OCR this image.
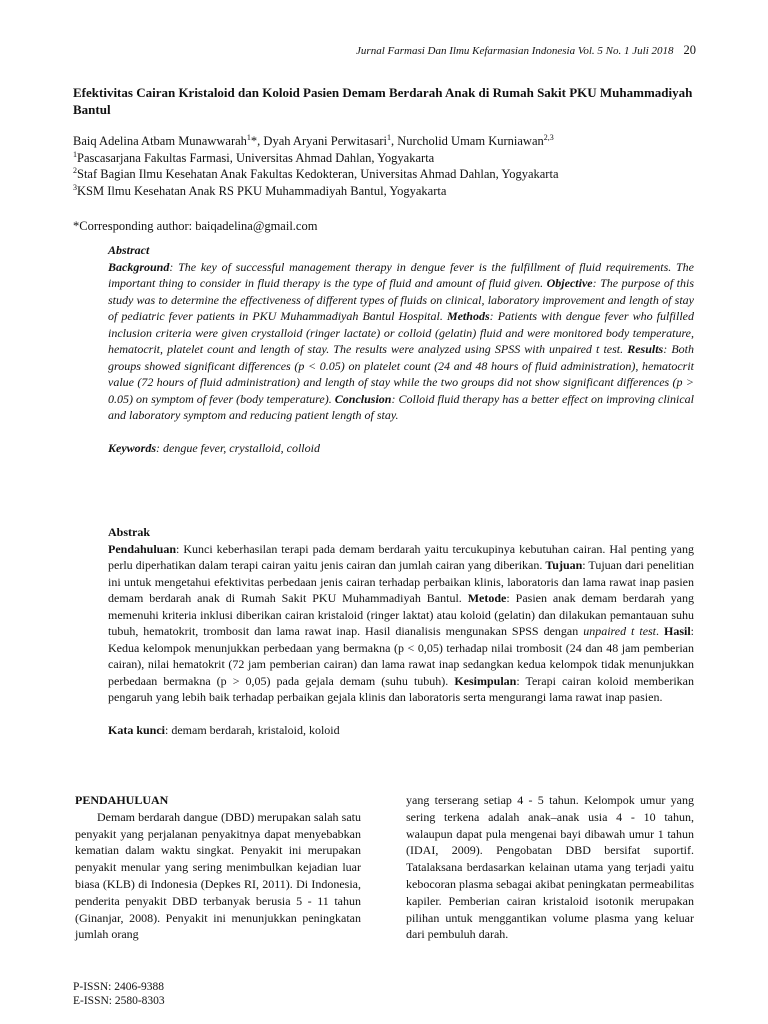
Jurnal Farmasi Dan Ilmu Kefarmasian Indonesia Vol. 5 No. 1 Juli 2018 20
Efektivitas Cairan Kristaloid dan Koloid Pasien Demam Berdarah Anak di Rumah Sakit PKU Muhammadiyah Bantul

Baiq Adelina Atbam Munawwarah$^1$*, Dyah Aryani Perwitasari$^1$, Nurcholid Umam Kurniawan$^{2,3}$

$^1$Pascasarjana Fakultas Farmasi, Universitas Ahmad Dahlan, Yogyakarta

$^2$Staf Bagian Ilmu Kesehatan Anak Fakultas Kedokteran, Universitas Ahmad Dahlan, Yogyakarta

$^3$KSM Ilmu Kesehatan Anak RS PKU Muhammadiyah Bantul, Yogyakarta

*Corresponding author: baiqadelina@gmail.com

Abstract

Background: The key of successful management therapy in dengue fever is the fulfillment of fluid requirements. The important thing to consider in fluid therapy is the type of fluid and amount of fluid given. Objective: The purpose of this study was to determine the effectiveness of different types of fluids on clinical, laboratory improvement and length of stay of pediatric fever patients in PKU Muhammadiyah Bantul Hospital. Methods: Patients with dengue fever who fulfilled inclusion criteria were given crystalloid (ringer lactate) or colloid (gelatin) fluid and were monitored body temperature, hematocrit, platelet count and length of stay. The results were analyzed using SPSS with unpaired t test. Results: Both groups showed significant differences (p < 0.05) on platelet count (24 and 48 hours of fluid administration), hematocrit value (72 hours of fluid administration) and length of stay while the two groups did not show significant differences (p > 0.05) on symptom of fever (body temperature). Conclusion: Colloid fluid therapy has a better effect on improving clinical and laboratory symptom and reducing patient length of stay.

Keywords: dengue fever, crystalloid, colloid

Abstrak

Pendahuluan: Kunci keberhasilan terapi pada demam berdarah yaitu tercukupinya kebutuhan cairan. Hal penting yang perlu diperhatikan dalam terapi cairan yaitu jenis cairan dan jumlah cairan yang diberikan. Tujuan: Tujuan dari penelitian ini untuk mengetahui efektivitas perbedaan jenis cairan terhadap perbaikan klinis, laboratoris dan lama rawat inap pasien demam berdarah anak di Rumah Sakit PKU Muhammadiyah Bantul. Metode: Pasien anak demam berdarah yang memenuhi kriteria inklusi diberikan cairan kristaloid (ringer laktat) atau koloid (gelatin) dan dilakukan pemantauan suhu tubuh, hematokrit, trombosit dan lama rawat inap. Hasil dianalisis mengunakan SPSS dengan unpaired t test. Hasil: Kedua kelompok menunjukkan perbedaan yang bermakna (p < 0,05) terhadap nilai trombosit (24 dan 48 jam pemberian cairan), nilai hematokrit (72 jam pemberian cairan) dan lama rawat inap sedangkan kedua kelompok tidak menunjukkan perbedaan bermakna (p > 0,05) pada gejala demam (suhu tubuh). Kesimpulan: Terapi cairan koloid memberikan pengaruh yang lebih baik terhadap perbaikan gejala klinis dan laboratoris serta mengurangi lama rawat inap pasien.

Kata kunci: demam berdarah, kristaloid, koloid

PENDAHULUAN

Demam berdarah dangue (DBD) merupakan salah satu penyakit yang perjalanan penyakitnya dapat menyebabkan kematian dalam waktu singkat. Penyakit ini merupakan penyakit menular yang sering menimbulkan kejadian luar biasa (KLB) di Indonesia (Depkes RI, 2011). Di Indonesia, penderita penyakit DBD terbanyak berusia 5 - 11 tahun (Ginanjar, 2008). Penyakit ini menunjukkan peningkatan jumlah orang

yang terserang setiap 4 - 5 tahun. Kelompok umur yang sering terkena adalah anak–anak usia 4 - 10 tahun, walaupun dapat pula mengenai bayi dibawah umur 1 tahun (IDAI, 2009). Pengobatan DBD bersifat suportif. Tatalaksana berdasarkan kelainan utama yang terjadi yaitu kebocoran plasma sebagai akibat peningkatan permeabilitas kapiler. Pemberian cairan kristaloid isotonik merupakan pilihan untuk menggantikan volume plasma yang keluar dari pembuluh darah.

P-ISSN: 2406-9388
E-ISSN: 2580-8303
